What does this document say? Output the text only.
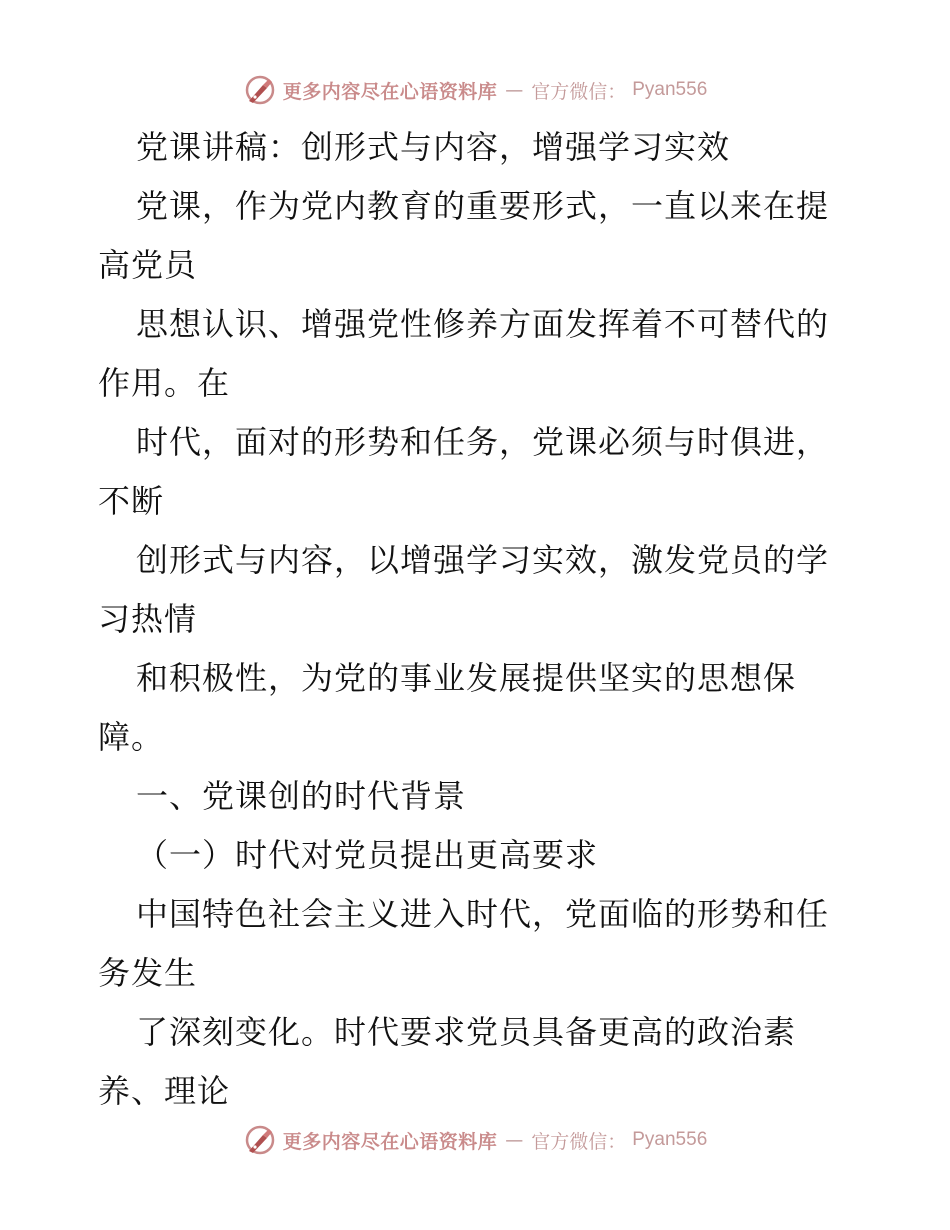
更多内容尽在心语资料库 — 官方微信： Pyan556
党课讲稿：创形式与内容，增强学习实效
党课，作为党内教育的重要形式，一直以来在提
高党员
思想认识、增强党性修养方面发挥着不可替代的
作用。在
时代，面对的形势和任务，党课必须与时俱进，
不断
创形式与内容，以增强学习实效，激发党员的学
习热情
和积极性，为党的事业发展提供坚实的思想保
障。
一、党课创的时代背景
（一）时代对党员提出更高要求
中国特色社会主义进入时代，党面临的形势和任
务发生
了深刻变化。时代要求党员具备更高的政治素
养、理论
更多内容尽在心语资料库 — 官方微信： Pyan556
